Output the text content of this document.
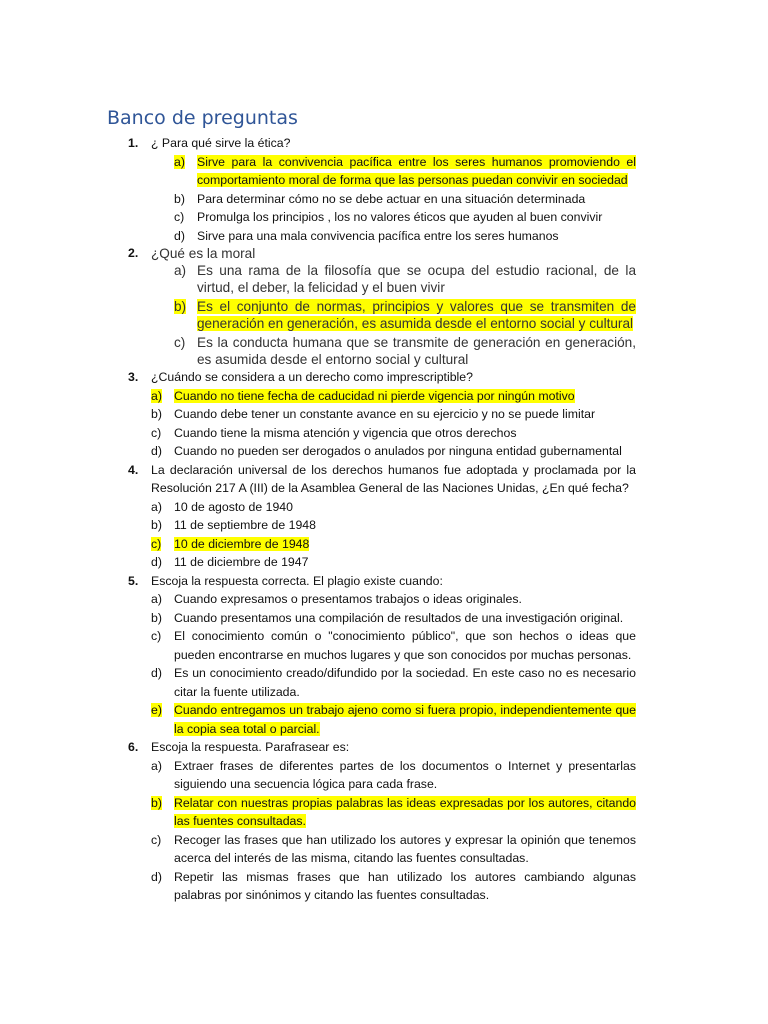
Banco de preguntas
1.	¿ Para qué sirve la ética?
a) Sirve para la convivencia pacífica entre los seres humanos promoviendo el comportamiento moral de forma que las personas puedan convivir en sociedad
b) Para determinar cómo no se debe actuar en una situación determinada
c)	Promulga los principios , los no valores éticos que ayuden al buen convivir
d) Sirve para una mala convivencia pacífica entre los seres humanos
2. ¿Qué es la moral
a) Es una rama de la filosofía que se ocupa del estudio racional, de la virtud, el deber, la felicidad y el buen vivir
b) Es el conjunto de normas, principios y valores que se transmiten de generación en generación, es asumida desde el entorno social y cultural
c) Es la conducta humana que se transmite de generación en generación, es asumida desde el entorno social y cultural
3.	¿Cuándo se considera a un derecho como imprescriptible?
a) Cuando no tiene fecha de caducidad ni pierde vigencia por ningún motivo
b) Cuando debe tener un constante avance en su ejercicio y no se puede limitar
c)	Cuando tiene la misma atención y vigencia que otros derechos
d) Cuando no pueden ser derogados o anulados por ninguna entidad gubernamental
4.	La declaración universal de los derechos humanos fue adoptada y proclamada por la Resolución 217 A (III) de la Asamblea General de las Naciones Unidas, ¿En qué fecha?
a) 10 de agosto de 1940
b) 11 de septiembre de 1948
c)	10 de diciembre de 1948
d) 11 de diciembre de 1947
5.	Escoja la respuesta correcta. El plagio existe cuando:
a) Cuando expresamos o presentamos trabajos o ideas originales.
b) Cuando presentamos una compilación de resultados de una investigación original.
c)	El conocimiento común o "conocimiento público", que son hechos o ideas que pueden encontrarse en muchos lugares y que son conocidos por muchas personas.
d) Es un conocimiento creado/difundido por la sociedad. En este caso no es necesario citar la fuente utilizada.
e) Cuando entregamos un trabajo ajeno como si fuera propio, independientemente que la copia sea total o parcial.
6.	Escoja la respuesta. Parafrasear es:
a) Extraer frases de diferentes partes de los documentos o Internet y presentarlas siguiendo una secuencia lógica para cada frase.
b) Relatar con nuestras propias palabras las ideas expresadas por los autores, citando las fuentes consultadas.
c)	Recoger las frases que han utilizado los autores y expresar la opinión que tenemos acerca del interés de las misma, citando las fuentes consultadas.
d) Repetir las mismas frases que han utilizado los autores cambiando algunas palabras por sinónimos y citando las fuentes consultadas.
